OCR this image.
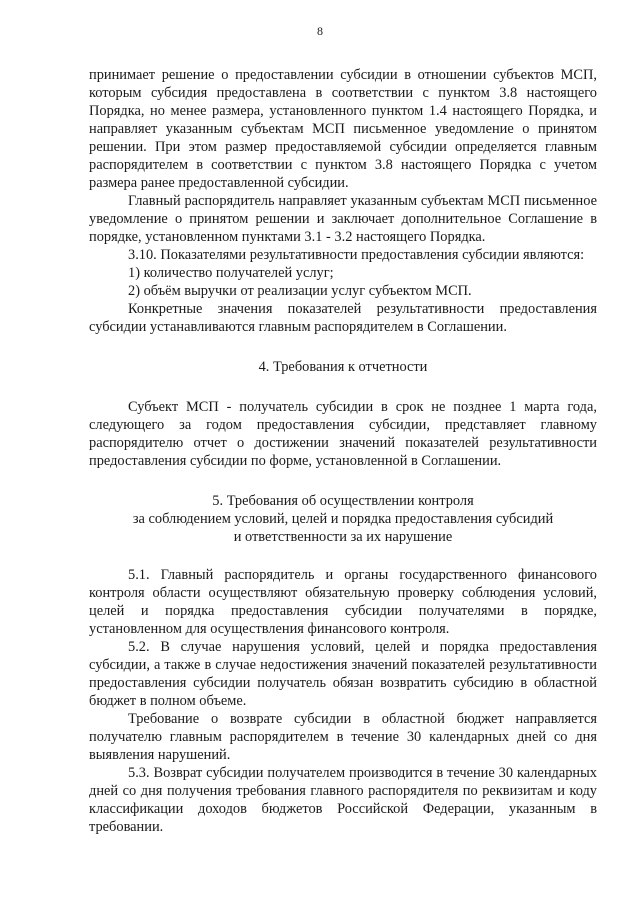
8

принимает решение о предоставлении субсидии в отношении субъектов МСП, которым субсидия предоставлена в соответствии с пунктом 3.8 настоящего Порядка, но менее размера, установленного пунктом 1.4 настоящего Порядка, и направляет указанным субъектам МСП письменное уведомление о принятом решении. При этом размер предоставляемой субсидии определяется главным распорядителем в соответствии с пунктом 3.8 настоящего Порядка с учетом размера ранее предоставленной субсидии.

Главный распорядитель направляет указанным субъектам МСП письменное уведомление о принятом решении и заключает дополнительное Соглашение в порядке, установленном пунктами 3.1 - 3.2 настоящего Порядка.

3.10. Показателями результативности предоставления субсидии являются:

1) количество получателей услуг;

2) объём выручки от реализации услуг субъектом МСП.

Конкретные значения показателей результативности предоставления субсидии устанавливаются главным распорядителем в Соглашении.

4. Требования к отчетности

Субъект МСП - получатель субсидии в срок не позднее 1 марта года, следующего за годом предоставления субсидии, представляет главному распорядителю отчет о достижении значений показателей результативности предоставления субсидии по форме, установленной в Соглашении.

5. Требования об осуществлении контроля

за соблюдением условий, целей и порядка предоставления субсидий

и ответственности за их нарушение

5.1. Главный распорядитель и органы государственного финансового контроля области осуществляют обязательную проверку соблюдения условий, целей и порядка предоставления субсидии получателями в порядке, установленном для осуществления финансового контроля.

5.2. В случае нарушения условий, целей и порядка предоставления субсидии, а также в случае недостижения значений показателей результативности предоставления субсидии получатель обязан возвратить субсидию в областной бюджет в полном объеме.

Требование о возврате субсидии в областной бюджет направляется получателю главным распорядителем в течение 30 календарных дней со дня выявления нарушений.

5.3. Возврат субсидии получателем производится в течение 30 календарных дней со дня получения требования главного распорядителя по реквизитам и коду классификации доходов бюджетов Российской Федерации, указанным в требовании.
